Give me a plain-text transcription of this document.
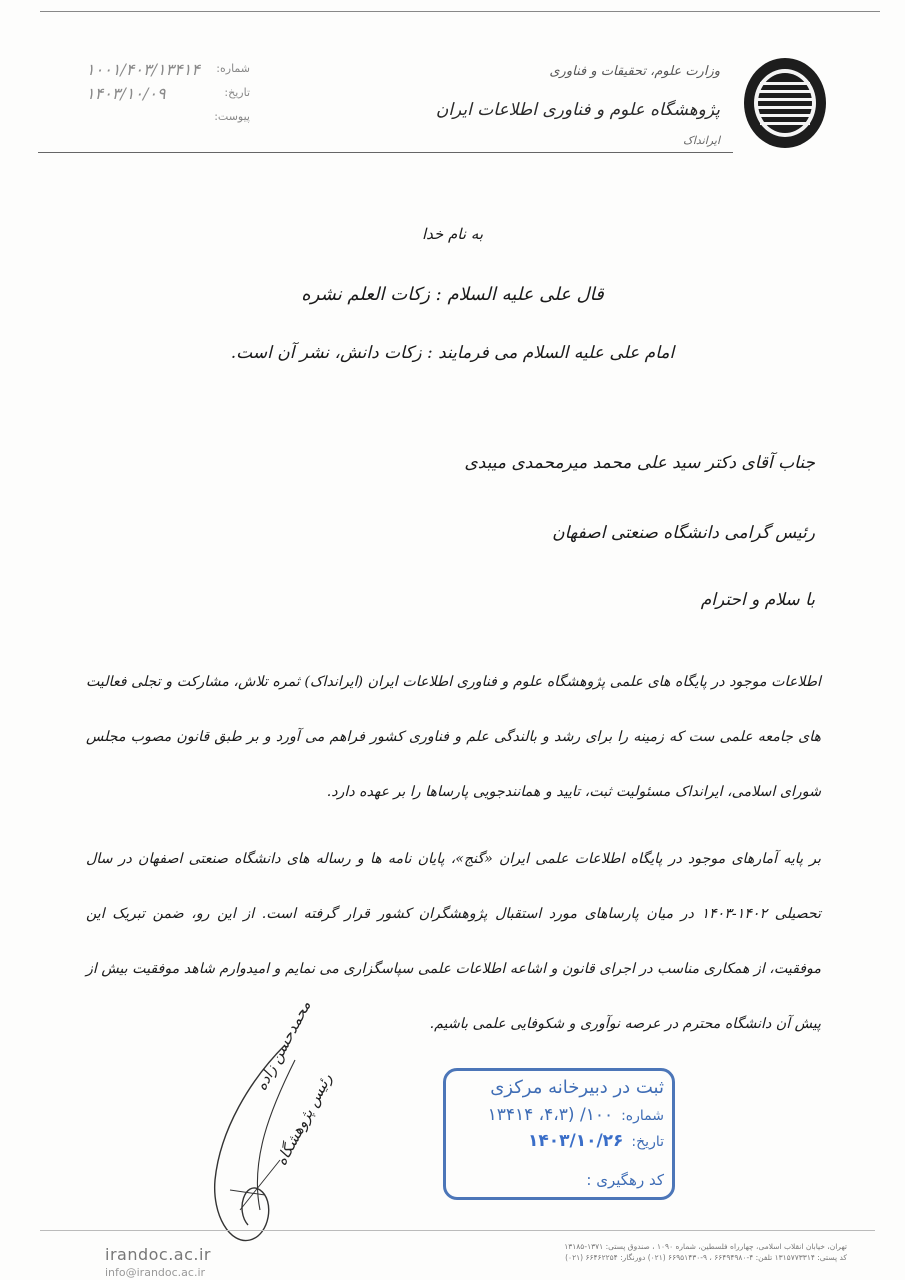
وزارت علوم، تحقیقات و فناوری
پژوهشگاه علوم و فناوری اطلاعات ایران
ایرانداک
شماره:
۱۰۰۱/۴۰۳/۱۳۴۱۴
تاریخ:
۱۴۰۳/۱۰/۰۹
پیوست:
به نام خدا
قال علی علیه السلام : زکات العلم نشره
امام علی علیه السلام می فرمایند : زکات دانش، نشر آن است.
جناب آقای دکتر سید علی محمد میرمحمدی میبدی
رئیس گرامی دانشگاه صنعتی اصفهان
با سلام و احترام
اطلاعات موجود در پایگاه های علمی پژوهشگاه علوم و فناوری اطلاعات ایران (ایرانداک) ثمره تلاش، مشارکت و تجلی فعالیت های جامعه علمی ست که زمینه را برای رشد و بالندگی علم و فناوری کشور فراهم می آورد و بر طبق قانون مصوب مجلس شورای اسلامی، ایرانداک مسئولیت ثبت، تایید و همانندجویی پارساها را بر عهده دارد.
بر پایه آمارهای موجود در پایگاه اطلاعات علمی ایران «گنج»، پایان نامه ها و رساله های دانشگاه صنعتی اصفهان در سال تحصیلی ۱۴۰۲-۱۴۰۳ در میان پارساهای مورد استقبال پژوهشگران کشور قرار گرفته است. از این رو، ضمن تبریک این موفقیت، از همکاری مناسب در اجرای قانون و اشاعه اطلاعات علمی سپاسگزاری می نمایم و امیدوارم شاهد موفقیت بیش از پیش آن دانشگاه محترم در عرصه نوآوری و شکوفایی علمی باشیم.
محمدحسن زاده
رئیس پژوهشگاه	ثبت در دبیرخانه مرکزی
شماره:۱۰۰/ (۴،۳، ۱۳۴۱۴
تاریخ:۱۴۰۳/۱۰/۲۶
کد رهگیری :
irandoc.ac.ir
info@irandoc.ac.ir
تهران، خیابان انقلاب اسلامی، چهارراه فلسطین، شماره ۱۰۹۰ ، صندوق پستی: ۱۳۷۱-۱۳۱۸۵
کد پستی: ۱۳۱۵۷۷۳۳۱۴ تلفن: ۴-۶۶۴۹۴۹۸۰ ، ۹-۶۶۹۵۱۴۳۰ (۰۲۱) دورنگار: ۶۶۴۶۲۲۵۴ (۰۲۱)
